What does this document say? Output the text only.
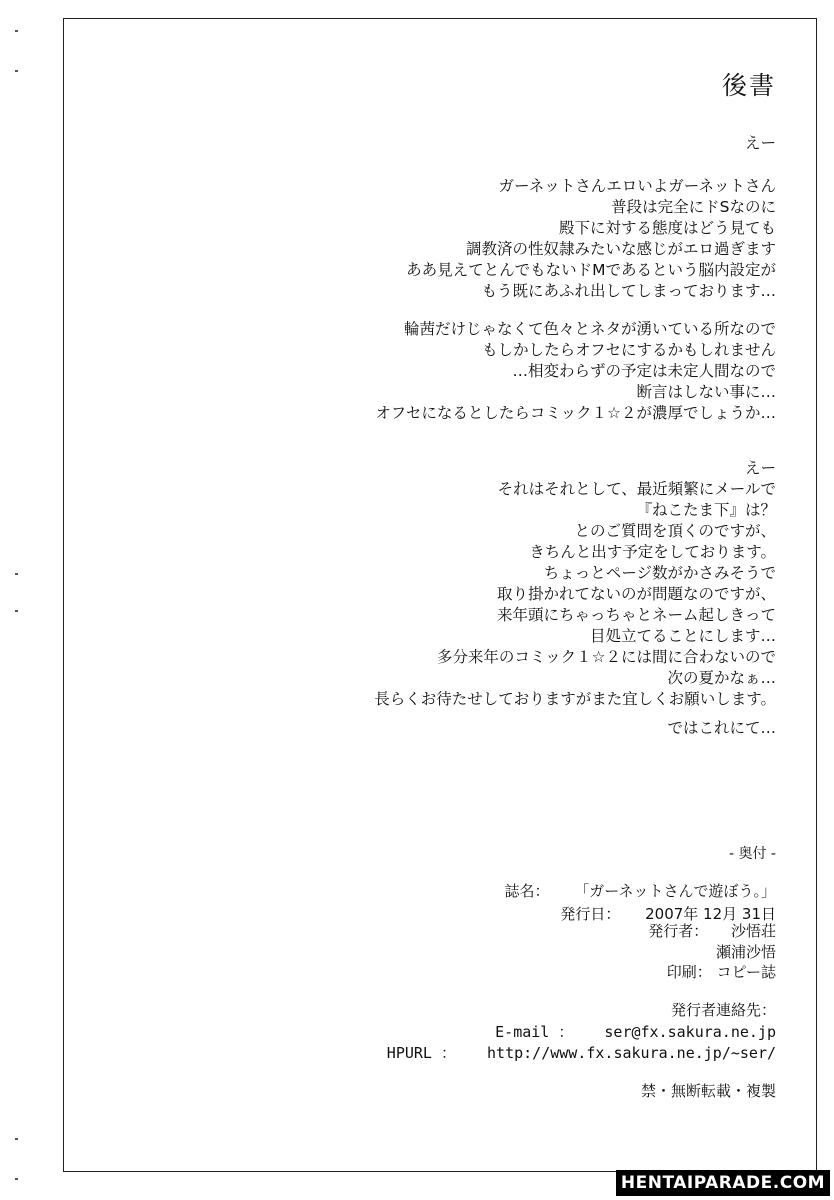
後書
えー
ガーネットさんエロいよガーネットさん
普段は完全にドSなのに
殿下に対する態度はどう見ても
調教済の性奴隷みたいな感じがエロ過ぎます
ああ見えてとんでもないドMであるという脳内設定が
もう既にあふれ出してしまっております…
輪茜だけじゃなくて色々とネタが湧いている所なので
もしかしたらオフセにするかもしれません
…相変わらずの予定は未定人間なので
断言はしない事に…
オフセになるとしたらコミック１☆２が濃厚でしょうか…
えー
それはそれとして、最近頻繁にメールで
『ねこたま下』は？
とのご質問を頂くのですが、
きちんと出す予定をしております。
ちょっとページ数がかさみそうで
取り掛かれてないのが問題なのですが、
来年頭にちゃっちゃとネーム起しきって
目処立てることにします…
多分来年のコミック１☆２には間に合わないので
次の夏かなぁ…
長らくお待たせしておりますがまた宜しくお願いします。
ではこれにて…
- 奥付 -
誌名： 「ガーネットさんで遊ぼう。」
発行日： 2007年 12月 31日
発行者： 沙悟荘
瀬浦沙悟
印刷： コピー誌
発行者連絡先：
E-mail ： ser@fx.sakura.ne.jp
HPURL ： http://www.fx.sakura.ne.jp/~ser/
禁・無断転載・複製
HENTAIPARADE.COM
